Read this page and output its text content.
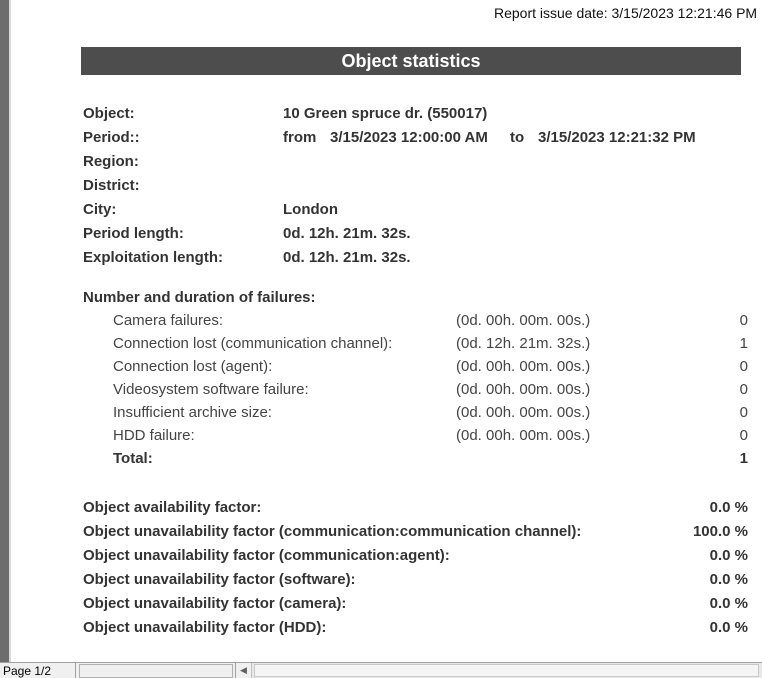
Report issue date: 3/15/2023 12:21:46 PM
Object statistics
Object:	10 Green spruce dr. (550017)
Period::	from 3/15/2023 12:00:00 AM to 3/15/2023 12:21:32 PM
Region:
District:
City:	London
Period length:	0d. 12h. 21m. 32s.
Exploitation length:	0d. 12h. 21m. 32s.
Number and duration of failures:
Camera failures:	(0d. 00h. 00m. 00s.)	0
Connection lost (communication channel):	(0d. 12h. 21m. 32s.)	1
Connection lost (agent):	(0d. 00h. 00m. 00s.)	0
Videosystem software failure:	(0d. 00h. 00m. 00s.)	0
Insufficient archive size:	(0d. 00h. 00m. 00s.)	0
HDD failure:	(0d. 00h. 00m. 00s.)	0
Total:	1
Object availability factor:	0.0 %
Object unavailability factor (communication:communication channel):	100.0 %
Object unavailability factor (communication:agent):	0.0 %
Object unavailability factor (software):	0.0 %
Object unavailability factor (camera):	0.0 %
Object unavailability factor (HDD):	0.0 %
Page 1/2	◀
